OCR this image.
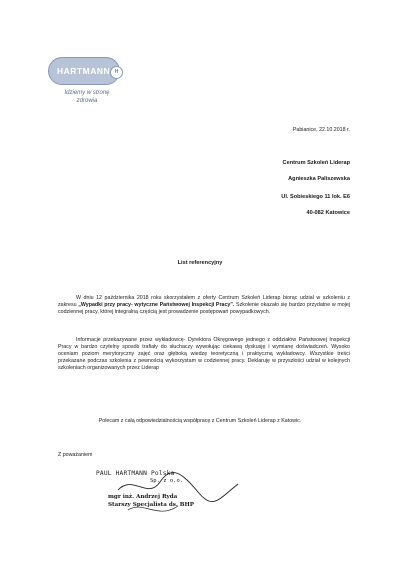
HARTMANN H
Idziemy w stronę
zdrowia
Pabianice, 22.10.2018 r.
Centrum Szkoleń Liderap
Agnieszka Paliszewska
Ul. Sobieskiego 11 lok. E6
40-082 Katowice
List referencyjny
W dniu 12 października 2018 roku skorzystałem z oferty Centrum Szkoleń Liderap biorąc udział w szkoleniu z zakresu „Wypadki przy pracy- wytyczne Państwowej Inspekcji Pracy". Szkolenie okazało się bardzo przydatne w mojej codziennej pracy, której integralną częścią jest prowadzenie postępowań powypadkowych.
Informacje przekazywane przez wykładowcę- Dyrektora Okręgowego jednego z oddziałów Państwowej Inspekcji Pracy w bardzo czytelny sposób trafiały do słuchaczy wywołując ciekawą dyskusję i wymianę doświadczeń. Wysoko oceniam poziom merytoryczny zajęć oraz głęboką wiedzę teoretyczną i praktyczną wykładowcy. Wszystkie treści przekazane podczas szkolenia z pewnością wykorzystam w codziennej pracy. Deklaruję w przyszłości udział w kolejnych szkoleniach organizowanych przez Liderap
Polecam z całą odpowiedzialnością współpracę z Centrum Szkoleń Liderap z Katowic.
Z poważaniem
PAUL HARTMANN Polska
Sp. z o.o.
mgr inż. Andrzej Ryda
Starszy Specjalista ds. BHP
